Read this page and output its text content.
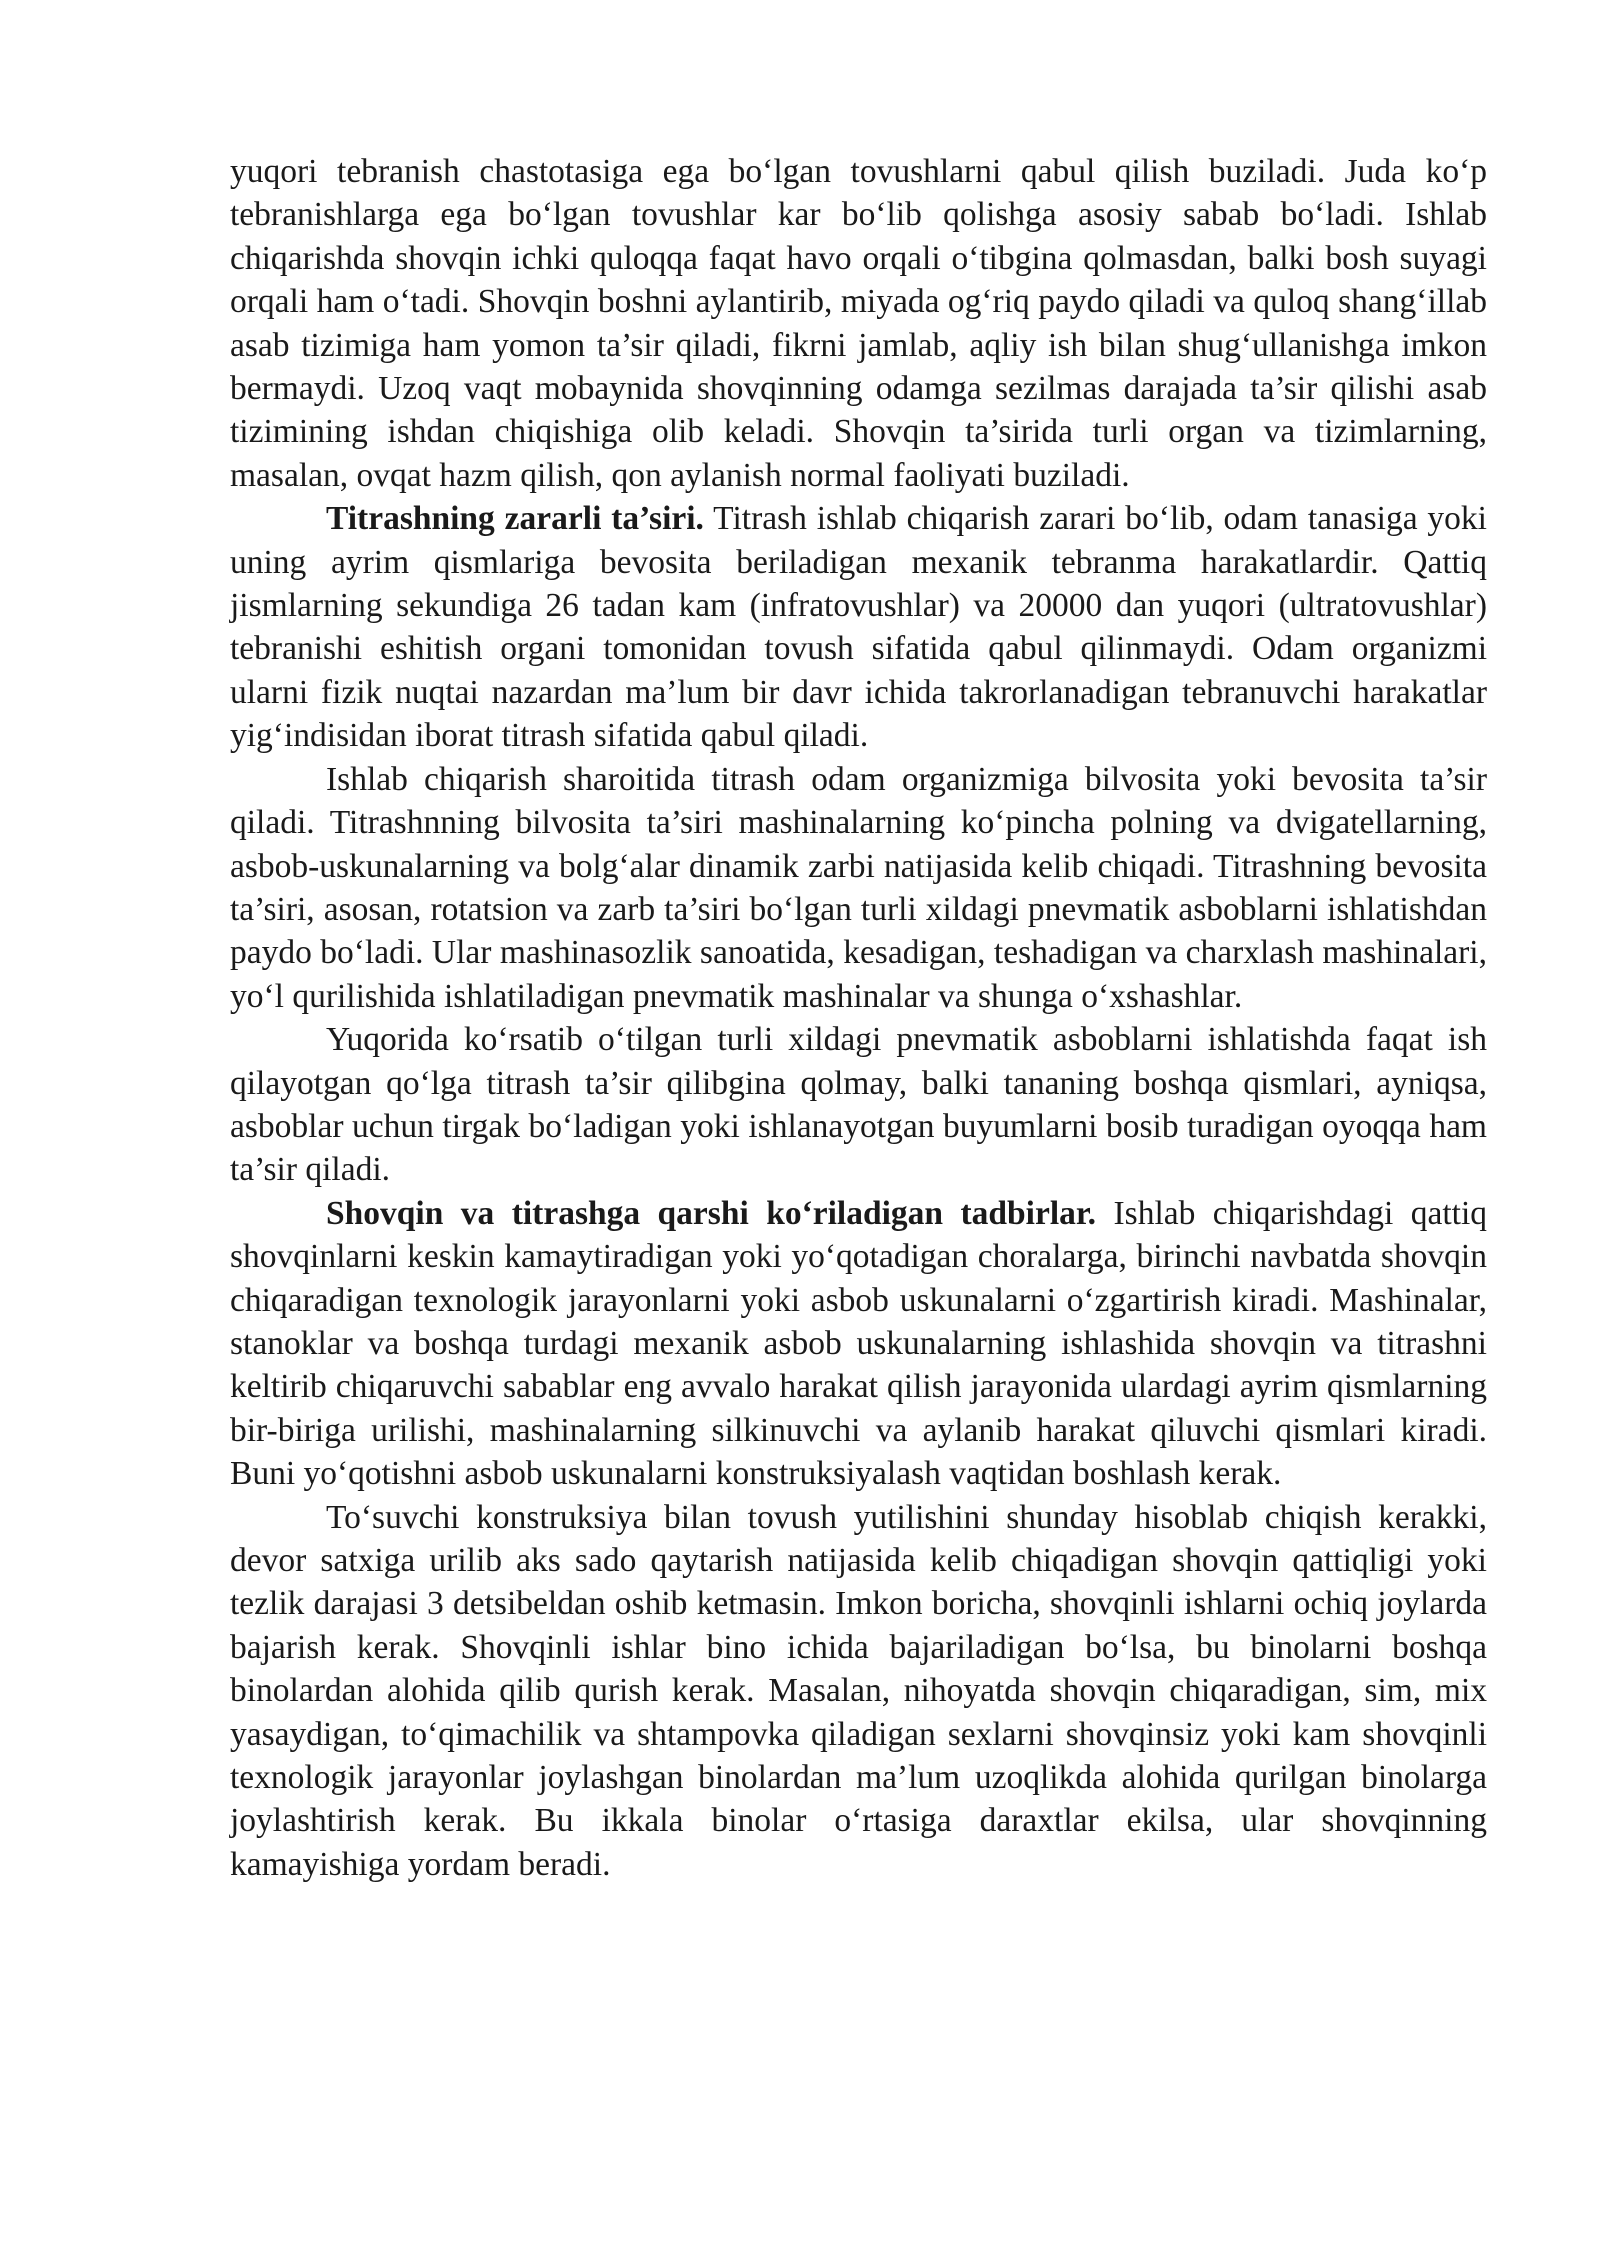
yuqori tebranish chastotasiga ega bo‘lgan tovushlarni qabul qilish buziladi. Juda ko‘p tebranishlarga ega bo‘lgan tovushlar kar bo‘lib qolishga asosiy sabab bo‘ladi. Ishlab chiqarishda shovqin ichki quloqqa faqat havo orqali o‘tibgina qolmasdan, balki bosh suyagi orqali ham o‘tadi. Shovqin boshni aylantirib, miyada og‘riq paydo qiladi va quloq shang‘illab asab tizimiga ham yomon ta’sir qiladi, fikrni jamlab, aqliy ish bilan shug‘ullanishga imkon bermaydi. Uzoq vaqt mobaynida shovqinning odamga sezilmas darajada ta’sir qilishi asab tizimining ishdan chiqishiga olib keladi. Shovqin ta’sirida turli organ va tizimlarning, masalan, ovqat hazm qilish, qon aylanish normal faoliyati buziladi.

Titrashning zararli ta’siri. Titrash ishlab chiqarish zarari bo‘lib, odam tanasiga yoki uning ayrim qismlariga bevosita beriladigan mexanik tebranma harakatlardir. Qattiq jismlarning sekundiga 26 tadan kam (infratovushlar) va 20000 dan yuqori (ultratovushlar) tebranishi eshitish organi tomonidan tovush sifatida qabul qilinmaydi. Odam organizmi ularni fizik nuqtai nazardan ma’lum bir davr ichida takrorlanadigan tebranuvchi harakatlar yig‘indisidan iborat titrash sifatida qabul qiladi.

Ishlab chiqarish sharoitida titrash odam organizmiga bilvosita yoki bevosita ta’sir qiladi. Titrashnning bilvosita ta’siri mashinalarning ko‘pincha polning va dvigatellarning, asbob-uskunalarning va bolg‘alar dinamik zarbi natijasida kelib chiqadi. Titrashning bevosita ta’siri, asosan, rotatsion va zarb ta’siri bo‘lgan turli xildagi pnevmatik asboblarni ishlatishdan paydo bo‘ladi. Ular mashinasozlik sanoatida, kesadigan, teshadigan va charxlash mashinalari, yo‘l qurilishida ishlatiladigan pnevmatik mashinalar va shunga o‘xshashlar.

Yuqorida ko‘rsatib o‘tilgan turli xildagi pnevmatik asboblarni ishlatishda faqat ish qilayotgan qo‘lga titrash ta’sir qilibgina qolmay, balki tananing boshqa qismlari, ayniqsa, asboblar uchun tirgak bo‘ladigan yoki ishlanayotgan buyumlarni bosib turadigan oyoqqa ham ta’sir qiladi.

Shovqin va titrashga qarshi ko‘riladigan tadbirlar. Ishlab chiqarishdagi qattiq shovqinlarni keskin kamaytiradigan yoki yo‘qotadigan choralarga, birinchi navbatda shovqin chiqaradigan texnologik jarayonlarni yoki asbob uskunalarni o‘zgartirish kiradi. Mashinalar, stanoklar va boshqa turdagi mexanik asbob uskunalarning ishlashida shovqin va titrashni keltirib chiqaruvchi sabablar eng avvalo harakat qilish jarayonida ulardagi ayrim qismlarning bir-biriga urilishi, mashinalarning silkinuvchi va aylanib harakat qiluvchi qismlari kiradi. Buni yo‘qotishni asbob uskunalarni konstruksiyalash vaqtidan boshlash kerak.

To‘suvchi konstruksiya bilan tovush yutilishini shunday hisoblab chiqish kerakki, devor satxiga urilib aks sado qaytarish natijasida kelib chiqadigan shovqin qattiqligi yoki tezlik darajasi 3 detsibeldan oshib ketmasin. Imkon boricha, shovqinli ishlarni ochiq joylarda bajarish kerak. Shovqinli ishlar bino ichida bajariladigan bo‘lsa, bu binolarni boshqa binolardan alohida qilib qurish kerak. Masalan, nihoyatda shovqin chiqaradigan, sim, mix yasaydigan, to‘qimachilik va shtampovka qiladigan sexlarni shovqinsiz yoki kam shovqinli texnologik jarayonlar joylashgan binolardan ma’lum uzoqlikda alohida qurilgan binolarga joylashtirish kerak. Bu ikkala binolar o‘rtasiga daraxtlar ekilsa, ular shovqinning kamayishiga yordam beradi.
